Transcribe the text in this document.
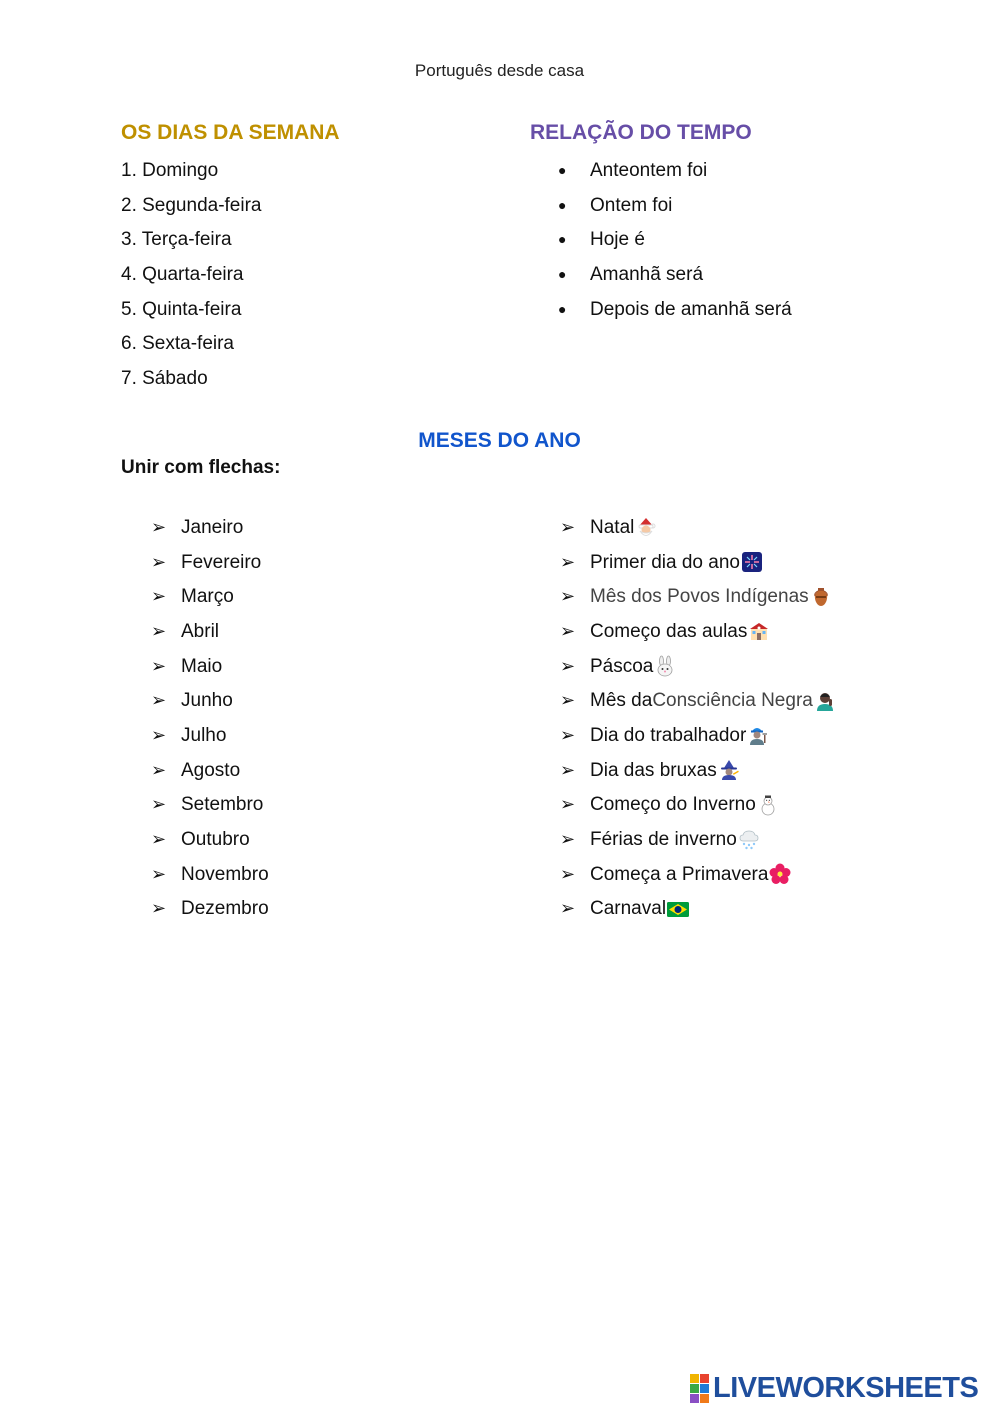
Português desde casa
OS DIAS DA SEMANA
1. Domingo
2. Segunda-feira
3. Terça-feira
4. Quarta-feira
5. Quinta-feira
6. Sexta-feira
7. Sábado
RELAÇÃO DO TEMPO
●	Anteontem foi
●	Ontem foi
●	Hoje é
●	Amanhã será
●	Depois de amanhã será
MESES DO ANO
Unir com flechas:
➢ Janeiro
➢ Fevereiro
➢ Março
➢ Abril
➢ Maio
➢ Junho
➢ Julho
➢ Agosto
➢ Setembro
➢ Outubro
➢ Novembro
➢ Dezembro
➢ Natal
➢ Primer dia do ano
➢ Mês dos Povos Indígenas
➢ Começo das aulas
➢ Páscoa
➢ Mês da Consciência Negra
➢ Dia do trabalhador
➢ Dia das bruxas
➢ Começo do Inverno
➢ Férias de inverno
➢ Começa a Primavera
➢ Carnaval
LIVEWORKSHEETS
